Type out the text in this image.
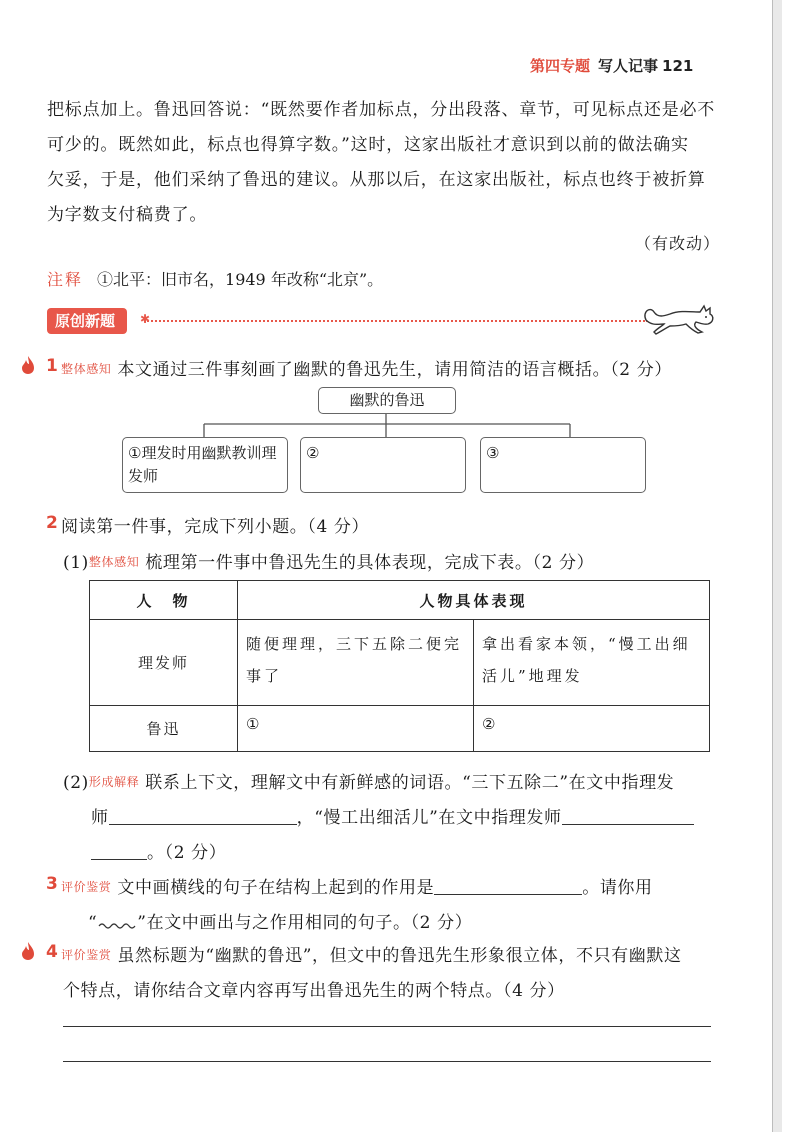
第四专题 写人记事 121
把标点加上。鲁迅回答说：“既然要作者加标点，分出段落、章节，可见标点还是必不
可少的。既然如此，标点也得算字数。”这时，这家出版社才意识到以前的做法确实
欠妥，于是，他们采纳了鲁迅的建议。从那以后，在这家出版社，标点也终于被折算
为字数支付稿费了。
（有改动）
注释 ①北平：旧市名，1949 年改称“北京”。
原创新题	✱
1 整体感知 本文通过三件事刻画了幽默的鲁迅先生，请用简洁的语言概括。（2 分）
幽默的鲁迅
①理发时用幽默教训理发师
②	③
2 阅读第一件事，完成下列小题。（4 分）
(1)整体感知 梳理第一件事中鲁迅先生的具体表现，完成下表。（2 分）
人　物	人物具体表现	
理发师	随便理理，三下五除二便完事了	拿出看家本领，“慢工出细活儿”地理发
鲁迅	①	②
(2)形成解释 联系上下文，理解文中有新鲜感的词语。“三下五除二”在文中指理发
师	，“慢工出细活儿”在文中指理发师
。（2 分）
3 评价鉴赏 文中画横线的句子在结构上起到的作用是	。请你用
“ ”在文中画出与之作用相同的句子。（2 分）
4 评价鉴赏 虽然标题为“幽默的鲁迅”，但文中的鲁迅先生形象很立体，不只有幽默这
个特点，请你结合文章内容再写出鲁迅先生的两个特点。（4 分）
